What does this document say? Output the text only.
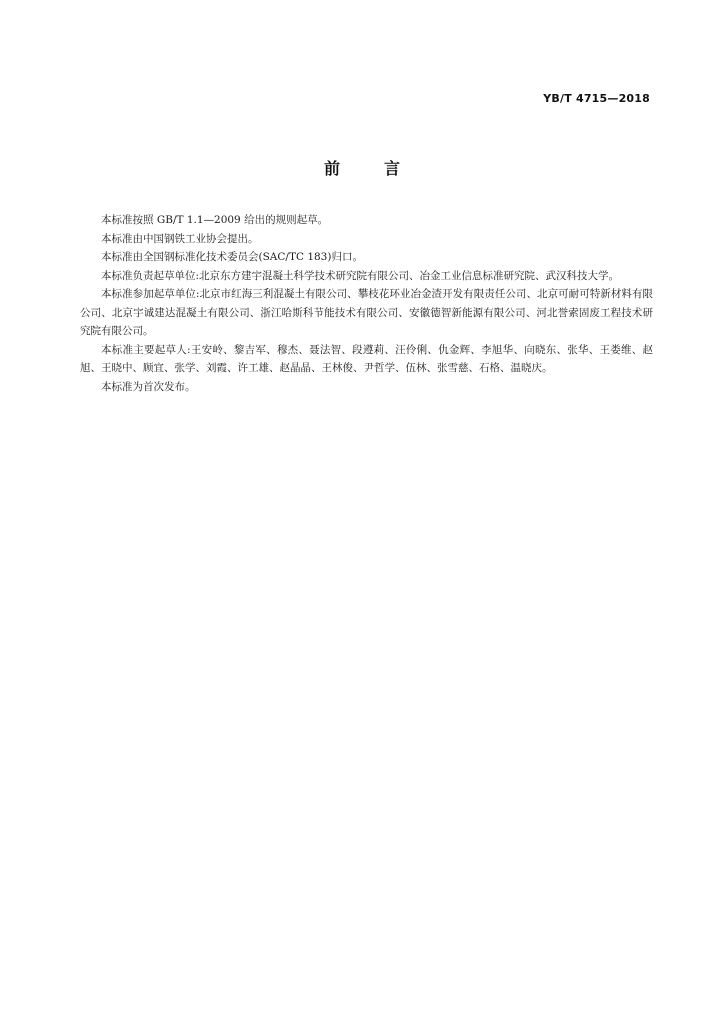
YB/T 4715—2018
前言

本标准按照 GB/T 1.1—2009 给出的规则起草。

本标准由中国钢铁工业协会提出。

本标准由全国钢标准化技术委员会(SAC/TC 183)归口。

本标准负责起草单位:北京东方建宇混凝土科学技术研究院有限公司、冶金工业信息标准研究院、武汉科技大学。

本标准参加起草单位:北京市红海三利混凝土有限公司、攀枝花环业冶金渣开发有限责任公司、北京可耐可特新材料有限公司、北京宇诚建达混凝土有限公司、浙江哈斯科节能技术有限公司、安徽德智新能源有限公司、河北誉索固废工程技术研究院有限公司。

本标准主要起草人:王安岭、黎吉军、穆杰、聂法智、段遵莉、汪伶俐、仇金辉、李旭华、向晓东、张华、王娄维、赵旭、王晓中、顾宜、张学、刘霞、许工雄、赵晶晶、王林俊、尹哲学、伍林、张雪慈、石格、温晓庆。

本标准为首次发布。
